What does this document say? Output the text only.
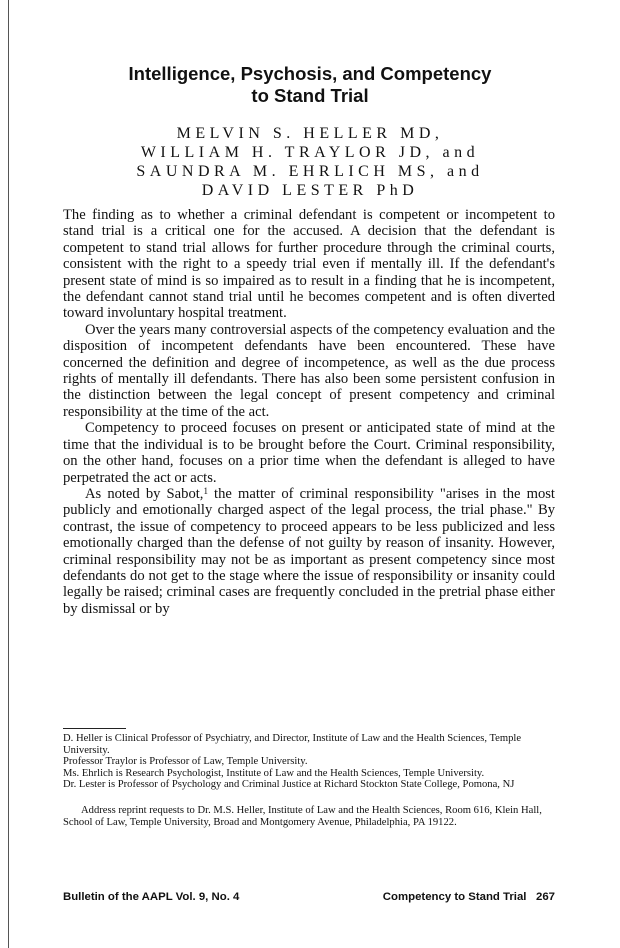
Intelligence, Psychosis, and Competency
to Stand Trial
MELVIN S. HELLER MD,
WILLIAM H. TRAYLOR JD, and
SAUNDRA M. EHRLICH MS, and
DAVID LESTER PhD

The finding as to whether a criminal defendant is competent or incompetent to stand trial is a critical one for the accused. A decision that the defendant is competent to stand trial allows for further procedure through the criminal courts, consistent with the right to a speedy trial even if mentally ill. If the defendant's present state of mind is so impaired as to result in a finding that he is incompetent, the defendant cannot stand trial until he becomes competent and is often diverted toward involuntary hospital treatment.

Over the years many controversial aspects of the competency evaluation and the disposition of incompetent defendants have been encountered. These have concerned the definition and degree of incompetence, as well as the due process rights of mentally ill defendants. There has also been some persistent confusion in the distinction between the legal concept of present competency and criminal responsibility at the time of the act.

Competency to proceed focuses on present or anticipated state of mind at the time that the individual is to be brought before the Court. Criminal responsibility, on the other hand, focuses on a prior time when the defendant is alleged to have perpetrated the act or acts.

As noted by Sabot,$^1$ the matter of criminal responsibility "arises in the most publicly and emotionally charged aspect of the legal process, the trial phase." By contrast, the issue of competency to proceed appears to be less publicized and less emotionally charged than the defense of not guilty by reason of insanity. However, criminal responsibility may not be as important as present competency since most defendants do not get to the stage where the issue of responsibility or insanity could legally be raised; criminal cases are frequently concluded in the pretrial phase either by dismissal or by

D. Heller is Clinical Professor of Psychiatry, and Director, Institute of Law and the Health Sciences, Temple University.

Professor Traylor is Professor of Law, Temple University.

Ms. Ehrlich is Research Psychologist, Institute of Law and the Health Sciences, Temple University.

Dr. Lester is Professor of Psychology and Criminal Justice at Richard Stockton State College, Pomona, NJ

Address reprint requests to Dr. M.S. Heller, Institute of Law and the Health Sciences, Room 616, Klein Hall, School of Law, Temple University, Broad and Montgomery Avenue, Philadelphia, PA 19122.

Bulletin of the AAPL Vol. 9, No. 4	Competency to Stand Trial 267
